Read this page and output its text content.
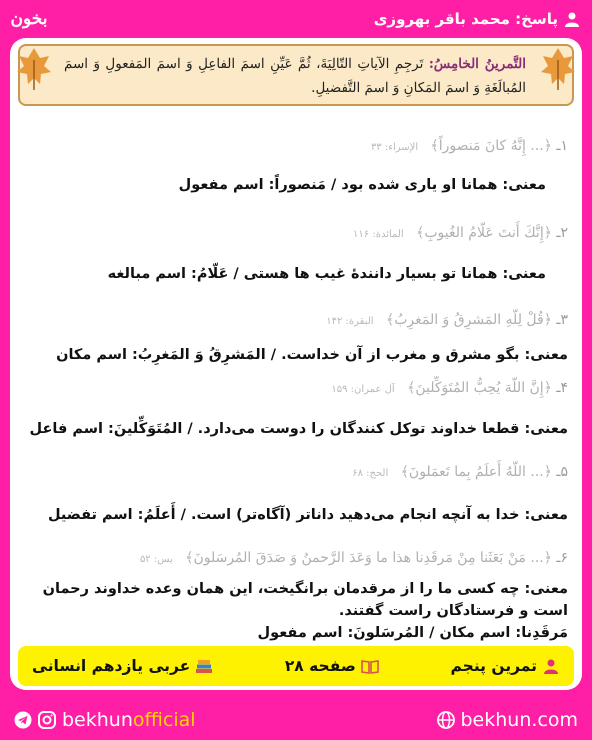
پاسخ: محمد باقر بهروزی
بخون
التَّمرينُ الخامِسُ: تَرجِمِ الآياتِ التّالِيَةَ، ثُمَّ عَيِّنِ اسمَ الفاعِلِ وَ اسمَ المَفعولِ وَ اسمَ المُبالَغَةِ وَ اسمَ المَكانِ وَ اسمَ التَّفضيلِ.
۱ـ ﴿... إِنَّهُ كانَ مَنصوراً﴾ الإسراء: ۳۳
معنی: همانا او یاری شده بود / مَنصوراً: اسم مفعول
۲ـ ﴿إِنَّكَ أَنتَ عَلّامُ الغُيوبِ﴾ المائدة: ۱۱۶
معنی: همانا تو بسیار دانندهٔ غیب ها هستی / عَلّامُ: اسم مبالغه
۳ـ ﴿قُلْ لِلّهِ المَشرِقُ وَ المَغرِبُ﴾ البقرة: ۱۴۲
معنی: بگو مشرق و مغرب از آن خداست. / المَشرِقُ وَ المَغرِبُ: اسم مکان
۴ـ ﴿إِنَّ اللّهَ يُحِبُّ المُتَوَكِّلينَ﴾ آل عمران: ۱۵۹
معنی: قطعا خداوند توکل کنندگان را دوست می‌دارد. / المُتَوَكِّلينَ: اسم فاعل
۵ـ ﴿... اللّهُ أَعلَمُ بِما تَعمَلونَ﴾ الحج: ۶۸
معنی: خدا به آنچه انجام می‌دهید داناتر (آگاه‌تر) است. / أَعلَمُ: اسم تفضیل
۶ـ ﴿... مَنْ بَعَثَنا مِنْ مَرقَدِنا هذا ما وَعَدَ الرَّحمنُ وَ صَدَقَ المُرسَلونَ﴾ يس: ۵۲
معنی: چه کسی ما را از مرقدمان برانگیخت، این همان وعده خداوند رحمان است و فرستادگان راست گفتند.
مَرقَدِنا: اسم مکان / المُرسَلونَ: اسم مفعول
تمرین پنجم
صفحه ۲۸
عربی یازدهم انسانی
bekhunofficial	bekhun.com
